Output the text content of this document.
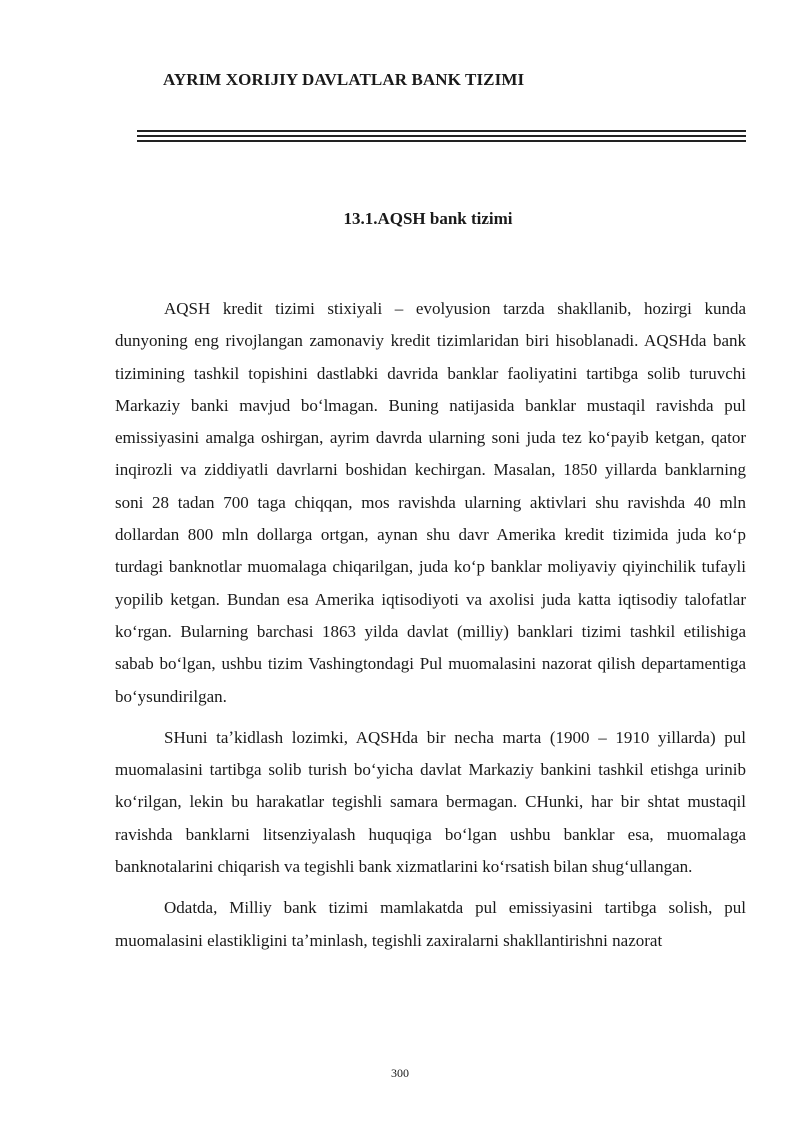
AYRIM XORIJIY DAVLATLAR BANK TIZIMI
13.1.AQSH bank tizimi

AQSH kredit tizimi stixiyali – evolyusion tarzda shakllanib, hozirgi kunda dunyoning eng rivojlangan zamonaviy kredit tizimlaridan biri hisoblanadi. AQSHda bank tizimining tashkil topishini dastlabki davrida banklar faoliyatini tartibga solib turuvchi Markaziy banki mavjud boʻlmagan. Buning natijasida banklar mustaqil ravishda pul emissiyasini amalga oshirgan, ayrim davrda ularning soni juda tez koʻpayib ketgan, qator inqirozli va ziddiyatli davrlarni boshidan kechirgan. Masalan, 1850 yillarda banklarning soni 28 tadan 700 taga chiqqan, mos ravishda ularning aktivlari shu ravishda 40 mln dollardan 800 mln dollarga ortgan, aynan shu davr Amerika kredit tizimida juda koʻp turdagi banknotlar muomalaga chiqarilgan, juda koʻp banklar moliyaviy qiyinchilik tufayli yopilib ketgan. Bundan esa Amerika iqtisodiyoti va axolisi juda katta iqtisodiy talofatlar koʻrgan. Bularning barchasi 1863 yilda davlat (milliy) banklari tizimi tashkil etilishiga sabab boʻlgan, ushbu tizim Vashingtondagi Pul muomalasini nazorat qilish departamentiga boʻysundirilgan.

SHuni taʼkidlash lozimki, AQSHda bir necha marta (1900 – 1910 yillarda) pul muomalasini tartibga solib turish boʻyicha davlat Markaziy bankini tashkil etishga urinib koʻrilgan, lekin bu harakatlar tegishli samara bermagan. CHunki, har bir shtat mustaqil ravishda banklarni litsenziyalash huquqiga boʻlgan ushbu banklar esa, muomalaga banknotalarini chiqarish va tegishli bank xizmatlarini koʻrsatish bilan shugʻullangan.

Odatda, Milliy bank tizimi mamlakatda pul emissiyasini tartibga solish, pul muomalasini elastikligini taʼminlash, tegishli zaxiralarni shakllantirishni nazorat

300
